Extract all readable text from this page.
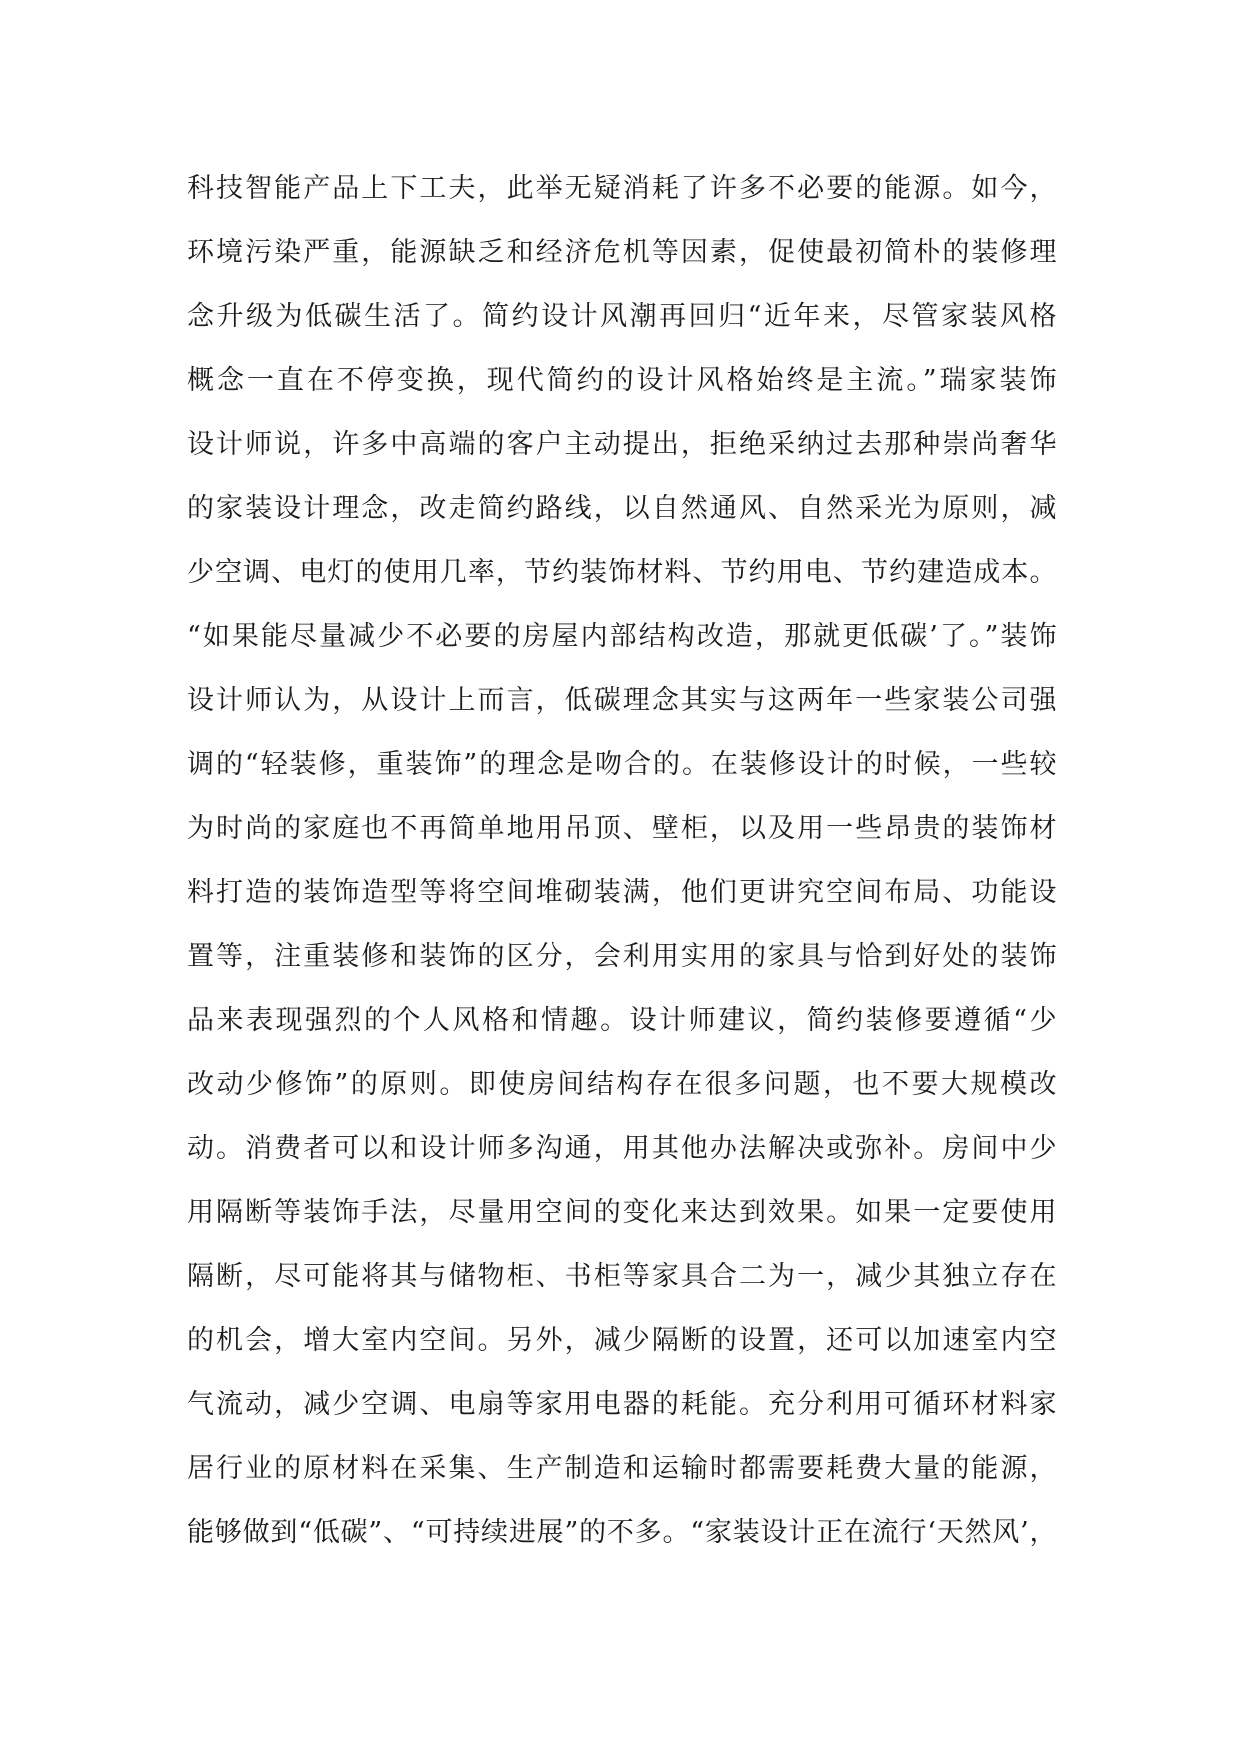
科技智能产品上下工夫，此举无疑消耗了许多不必要的能源。如今，
环境污染严重，能源缺乏和经济危机等因素，促使最初简朴的装修理
念升级为低碳生活了。简约设计风潮再回归“近年来，尽管家装风格
概念一直在不停变换，现代简约的设计风格始终是主流。”瑞家装饰
设计师说，许多中高端的客户主动提出，拒绝采纳过去那种崇尚奢华
的家装设计理念，改走简约路线，以自然通风、自然采光为原则，减
少空调、电灯的使用几率，节约装饰材料、节约用电、节约建造成本。
“如果能尽量减少不必要的房屋内部结构改造，那就更低碳’了。”装饰
设计师认为，从设计上而言，低碳理念其实与这两年一些家装公司强
调的“轻装修，重装饰”的理念是吻合的。在装修设计的时候，一些较
为时尚的家庭也不再简单地用吊顶、壁柜，以及用一些昂贵的装饰材
料打造的装饰造型等将空间堆砌装满，他们更讲究空间布局、功能设
置等，注重装修和装饰的区分，会利用实用的家具与恰到好处的装饰
品来表现强烈的个人风格和情趣。设计师建议，简约装修要遵循“少
改动少修饰”的原则。即使房间结构存在很多问题，也不要大规模改
动。消费者可以和设计师多沟通，用其他办法解决或弥补。房间中少
用隔断等装饰手法，尽量用空间的变化来达到效果。如果一定要使用
隔断，尽可能将其与储物柜、书柜等家具合二为一，减少其独立存在
的机会，增大室内空间。另外，减少隔断的设置，还可以加速室内空
气流动，减少空调、电扇等家用电器的耗能。充分利用可循环材料家
居行业的原材料在采集、生产制造和运输时都需要耗费大量的能源，
能够做到“低碳”、“可持续进展”的不多。“家装设计正在流行‘天然风’，
